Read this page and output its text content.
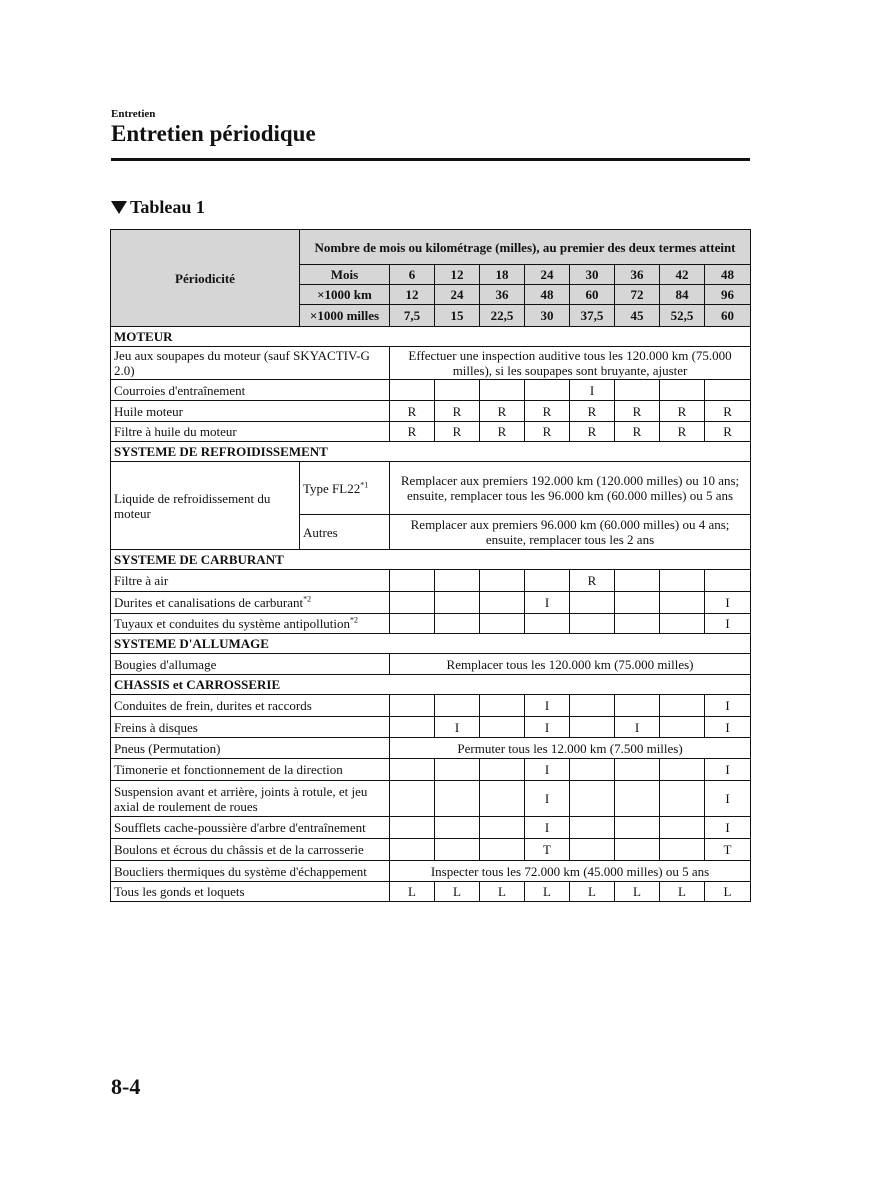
Entretien
Entretien périodique
Tableau 1
Périodicité	Nombre de mois ou kilométrage (milles), au premier des deux termes atteint								
	Mois	6	12	18	24	30	36	42	48
	×1000 km	12	24	36	48	60	72	84	96
	×1000 milles	7,5	15	22,5	30	37,5	45	52,5	60
MOTEUR									
Jeu aux soupapes du moteur (sauf SKYACTIV-G 2.0)		Effectuer une inspection auditive tous les 120.000 km (75.000 milles), si les soupapes sont bruyante, ajuster							
Courroies d'entraînement						I			
Huile moteur		R	R	R	R	R	R	R	R
Filtre à huile du moteur		R	R	R	R	R	R	R	R
SYSTEME DE REFROIDISSEMENT									
Liquide de refroidissement du moteur	Type FL22$^{*1}$	Remplacer aux premiers 192.000 km (120.000 milles) ou 10 ans; ensuite, remplacer tous les 96.000 km (60.000 milles) ou 5 ans							
	Autres	Remplacer aux premiers 96.000 km (60.000 milles) ou 4 ans; ensuite, remplacer tous les 2 ans							
SYSTEME DE CARBURANT									
Filtre à air						R			
Durites et canalisations de carburant$^{*2}$					I				I
Tuyaux et conduites du système antipollution$^{*2}$									I
SYSTEME D'ALLUMAGE									
Bougies d'allumage		Remplacer tous les 120.000 km (75.000 milles)							
CHASSIS et CARROSSERIE									
Conduites de frein, durites et raccords					I				I
Freins à disques			I		I		I		I
Pneus (Permutation)		Permuter tous les 12.000 km (7.500 milles)							
Timonerie et fonctionnement de la direction					I				I
Suspension avant et arrière, joints à rotule, et jeu axial de roulement de roues					I				I
Soufflets cache-poussière d'arbre d'entraînement					I				I
Boulons et écrous du châssis et de la carrosserie					T				T
Boucliers thermiques du système d'échappement		Inspecter tous les 72.000 km (45.000 milles) ou 5 ans							
Tous les gonds et loquets		L	L	L	L	L	L	L	L
8-4
